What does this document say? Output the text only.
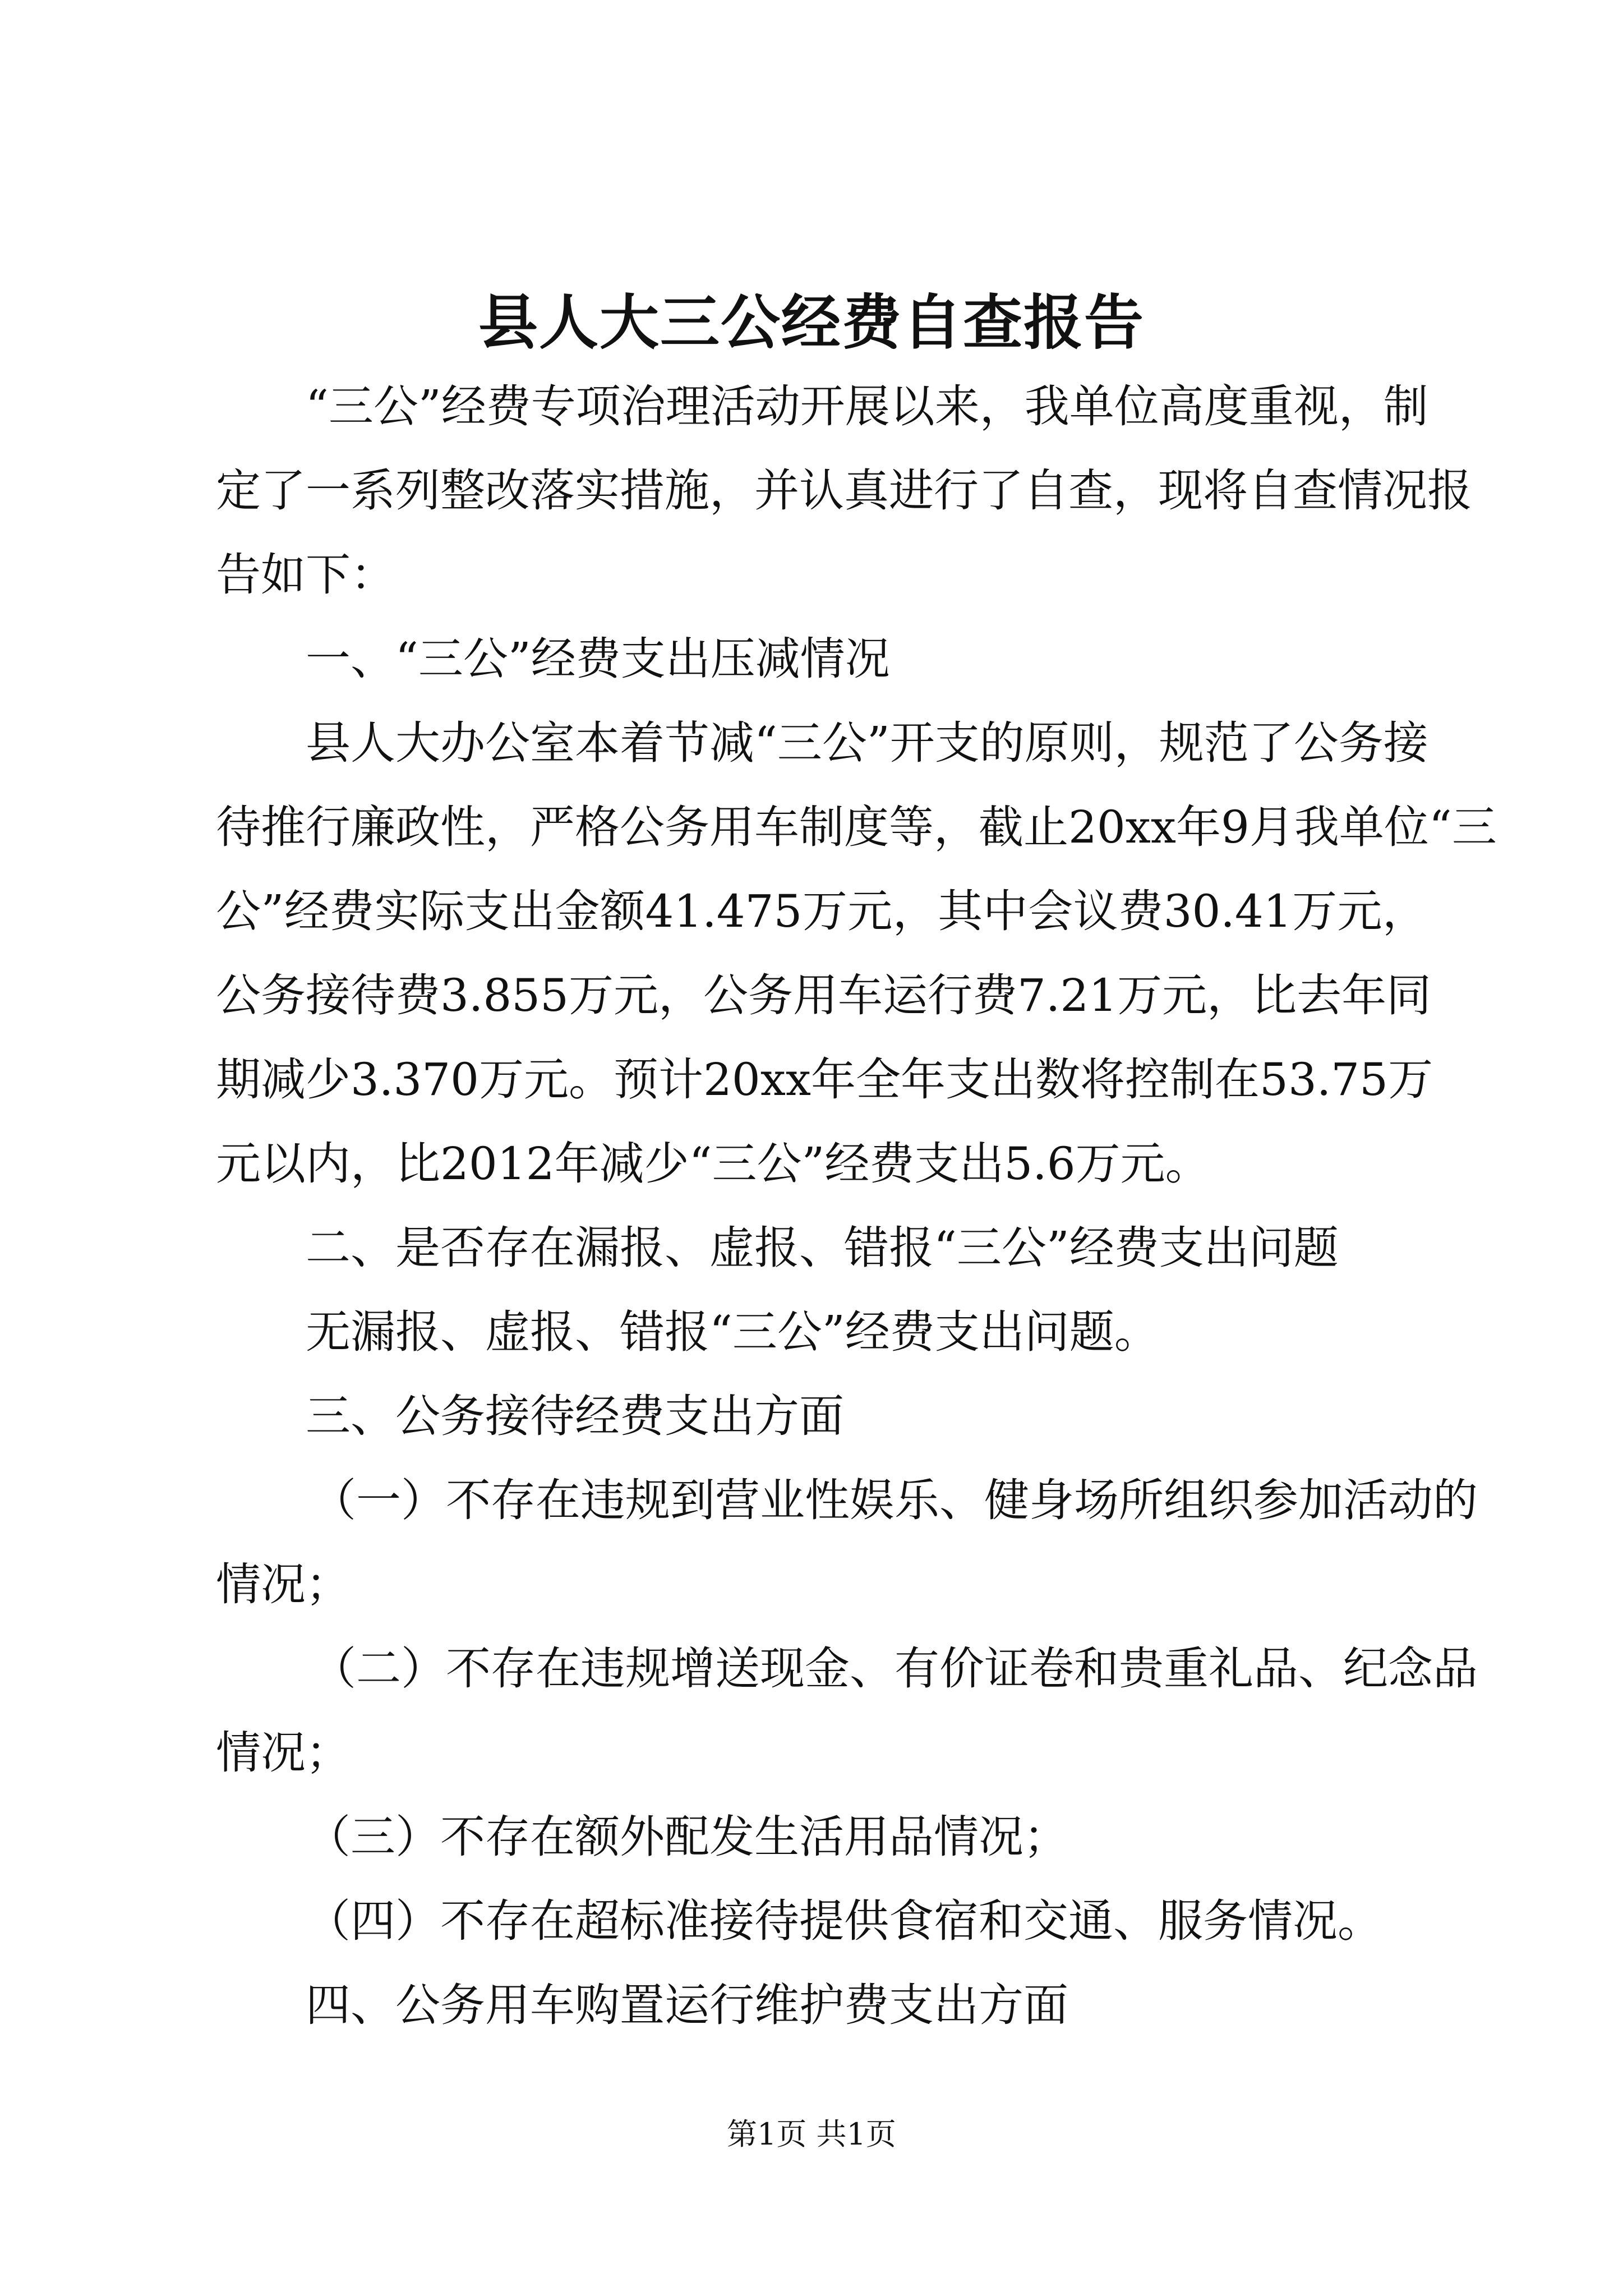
县人大三公经费自查报告

“三公”经费专项治理活动开展以来，我单位高度重视，制

定了一系列整改落实措施，并认真进行了自查，现将自查情况报

告如下：

一、“三公”经费支出压减情况

县人大办公室本着节减“三公”开支的原则，规范了公务接

待推行廉政性，严格公务用车制度等，截止20xx年9月我单位“三

公”经费实际支出金额41.475万元，其中会议费30.41万元，

公务接待费3.855万元，公务用车运行费7.21万元，比去年同

期减少3.370万元。预计20xx年全年支出数将控制在53.75万

元以内，比2012年减少“三公”经费支出5.6万元。

二、是否存在漏报、虚报、错报“三公”经费支出问题

无漏报、虚报、错报“三公”经费支出问题。

三、公务接待经费支出方面

（一）不存在违规到营业性娱乐、健身场所组织参加活动的

情况；

（二）不存在违规增送现金、有价证卷和贵重礼品、纪念品

情况；

（三）不存在额外配发生活用品情况；

（四）不存在超标准接待提供食宿和交通、服务情况。

四、公务用车购置运行维护费支出方面

第1页 共1页
